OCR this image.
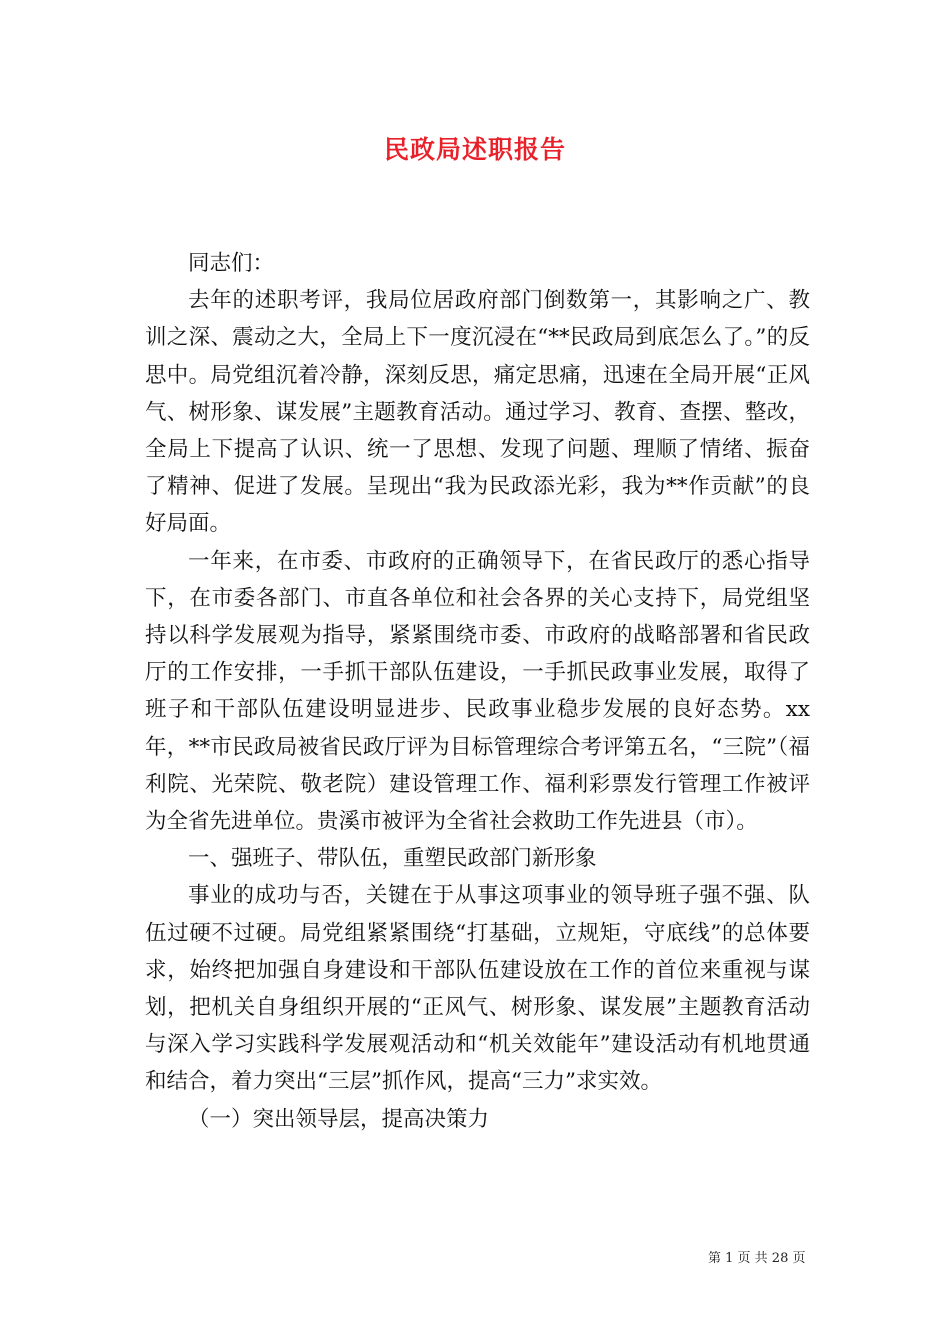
民政局述职报告

同志们：

去年的述职考评，我局位居政府部门倒数第一，其影响之广、教训之深、震动之大，全局上下一度沉浸在“**民政局到底怎么了。”的反思中。局党组沉着冷静，深刻反思，痛定思痛，迅速在全局开展“正风气、树形象、谋发展”主题教育活动。通过学习、教育、查摆、整改，全局上下提高了认识、统一了思想、发现了问题、理顺了情绪、振奋了精神、促进了发展。呈现出“我为民政添光彩，我为**作贡献”的良好局面。

一年来，在市委、市政府的正确领导下，在省民政厅的悉心指导下，在市委各部门、市直各单位和社会各界的关心支持下，局党组坚持以科学发展观为指导，紧紧围绕市委、市政府的战略部署和省民政厅的工作安排，一手抓干部队伍建设，一手抓民政事业发展，取得了班子和干部队伍建设明显进步、民政事业稳步发展的良好态势。xx年，**市民政局被省民政厅评为目标管理综合考评第五名，“三院”（福利院、光荣院、敬老院）建设管理工作、福利彩票发行管理工作被评为全省先进单位。贵溪市被评为全省社会救助工作先进县（市）。

一、强班子、带队伍，重塑民政部门新形象

事业的成功与否，关键在于从事这项事业的领导班子强不强、队伍过硬不过硬。局党组紧紧围绕“打基础，立规矩，守底线”的总体要求，始终把加强自身建设和干部队伍建设放在工作的首位来重视与谋划，把机关自身组织开展的“正风气、树形象、谋发展”主题教育活动与深入学习实践科学发展观活动和“机关效能年”建设活动有机地贯通和结合，着力突出“三层”抓作风，提高“三力”求实效。

（一）突出领导层，提高决策力

第 1 页 共 28 页
